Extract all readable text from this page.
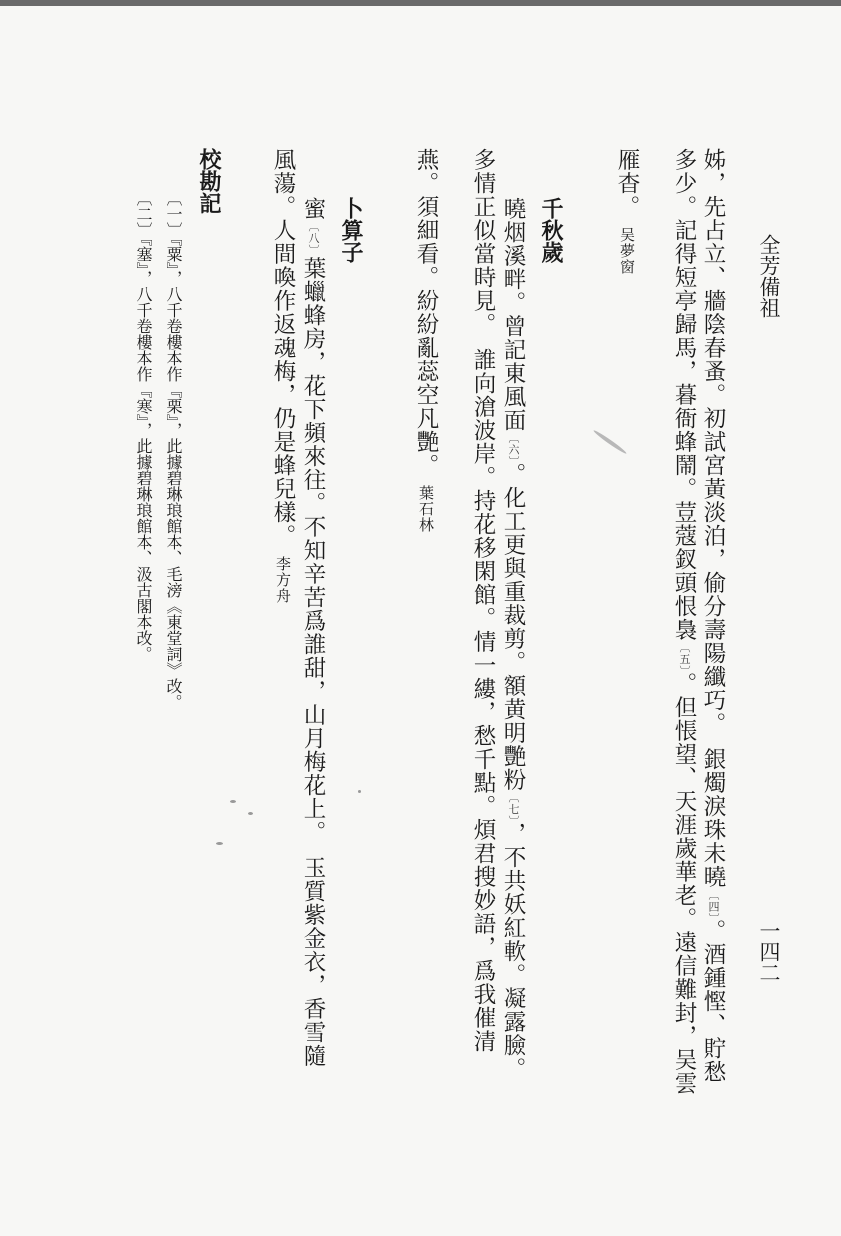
全芳備祖
一四二
姊，先占立、牆陰春蚤。初試宮黃淡泊，偷分壽陽纖巧。　銀燭淚珠未曉〔四〕。酒鍾慳、貯愁
多少。記得短亭歸馬，暮衙蜂鬧。荳蔻釵頭恨裊〔五〕。但悵望、天涯歲華老。遠信難封，吴雲
雁杳。吴夢窗
千秋歲
曉烟溪畔。曾記東風面〔六〕。化工更與重裁剪。額黄明艷粉〔七〕，不共妖紅軟。凝露臉。
多情正似當時見。　誰向滄波岸。持花移閑館。情一縷，愁千點。煩君搜妙語，爲我催清
燕。須細看。紛紛亂蕊空凡艷。葉石林
卜算子
蜜〔八〕葉蠟蜂房，花下頻來往。不知辛苦爲誰甜，山月梅花上。　玉質紫金衣，香雪隨
風蕩。人間喚作返魂梅，仍是蜂兒樣。李方舟
校勘記
〔一〕『粟』，八千卷樓本作『栗』，此據碧琳琅館本、毛滂《東堂詞》改。
〔二〕『塞』，八千卷樓本作『寒』，此據碧琳琅館本、汲古閣本改。
